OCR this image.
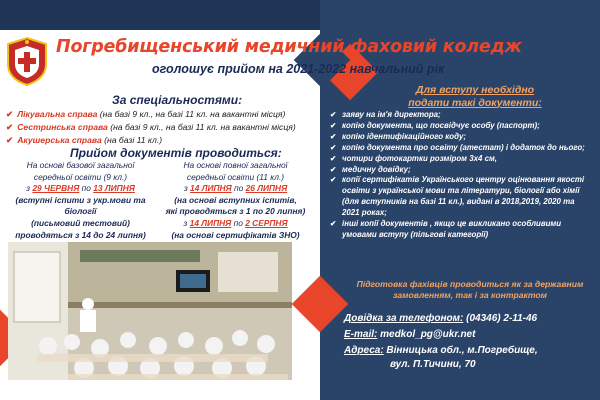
Погребищенський медичний фаховий коледж
оголошує прийом на 2021-2022 навчальний рік
За спеціальностями:
✔ Лікувальна справа (на базі 9 кл., на базі 11 кл. на вакантні місця)
✔ Сестринська справа (на базі 9 кл., на базі 11 кл. на вакантні місця)
✔ Акушерська справа (на базі 11 кл.)
Прийом документів проводиться:
На основі базової загальної
середньої освіти (9 кл.)
з 29 ЧЕРВНЯ по 13 ЛИПНЯ
(вступні іспити з укр.мови та біології
(письмовий тестовий)
проводяться з 14 до 24 липня)
На основі повної загальної
середньої освіти (11 кл.)
з 14 ЛИПНЯ по 26 ЛИПНЯ
(на основі вступних іспитів,
які проводяться з 1 по 20 липня)
з 14 ЛИПНЯ по 2 СЕРПНЯ
(на основі сертифікатів ЗНО)
Для вступу необхідно
подати такі документи:
✔ заяву на ім'я директора;
✔ копію документа, що посвідчує особу (паспорт);
✔ копію ідентифікаційного коду;
✔ копію документа про освіту (атестат) і додаток до нього;
✔ чотири фотокартки розміром 3х4 см,
✔ медичну довідку;
✔ копії сертифікатів Українського центру оцінювання якості освіти з української мови та літератури, біології або хімії (для вступників на базі 11 кл.), видані в 2018,2019, 2020 та 2021 роках;
✔ інші копії документів , якщо це викликано особливими умовами вступу (пільгові категорії)
Підготовка фахівців проводиться як за державним замовленням, так і за контрактом
Довідка за телефоном: (04346) 2-11-46
E-mail: medkol_pg@ukr.net
Адреса: Вінницька обл., м.Погребище,
вул. П.Тичини, 70
